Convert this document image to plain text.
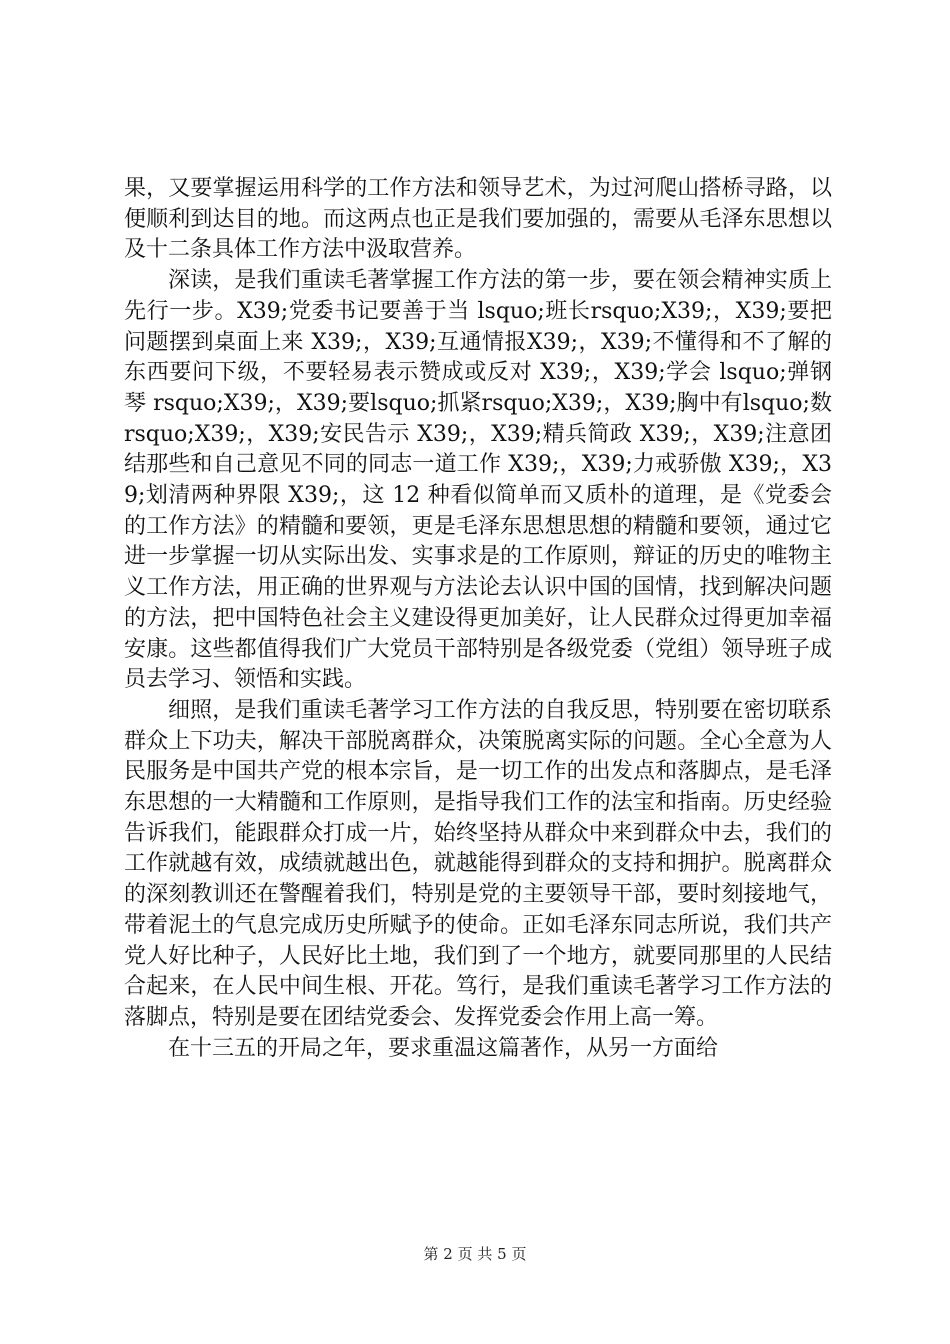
果，又要掌握运用科学的工作方法和领导艺术，为过河爬山搭桥寻路，以便顺利到达目的地。而这两点也正是我们要加强的，需要从毛泽东思想以及十二条具体工作方法中汲取营养。

深读，是我们重读毛著掌握工作方法的第一步，要在领会精神实质上先行一步。X39;党委书记要善于当 lsquo;班长rsquo;X39;，X39;要把问题摆到桌面上来 X39;，X39;互通情报X39;，X39;不懂得和不了解的东西要问下级，不要轻易表示赞成或反对 X39;，X39;学会 lsquo;弹钢琴 rsquo;X39;，X39;要lsquo;抓紧rsquo;X39;，X39;胸中有lsquo;数rsquo;X39;，X39;安民告示 X39;，X39;精兵简政 X39;，X39;注意团结那些和自己意见不同的同志一道工作 X39;，X39;力戒骄傲 X39;，X39;划清两种界限 X39;，这 12 种看似简单而又质朴的道理，是《党委会的工作方法》的精髓和要领，更是毛泽东思想思想的精髓和要领，通过它进一步掌握一切从实际出发、实事求是的工作原则，辩证的历史的唯物主义工作方法，用正确的世界观与方法论去认识中国的国情，找到解决问题的方法，把中国特色社会主义建设得更加美好，让人民群众过得更加幸福安康。这些都值得我们广大党员干部特别是各级党委（党组）领导班子成员去学习、领悟和实践。

细照，是我们重读毛著学习工作方法的自我反思，特别要在密切联系群众上下功夫，解决干部脱离群众，决策脱离实际的问题。全心全意为人民服务是中国共产党的根本宗旨，是一切工作的出发点和落脚点，是毛泽东思想的一大精髓和工作原则，是指导我们工作的法宝和指南。历史经验告诉我们，能跟群众打成一片，始终坚持从群众中来到群众中去，我们的工作就越有效，成绩就越出色，就越能得到群众的支持和拥护。脱离群众的深刻教训还在警醒着我们，特别是党的主要领导干部，要时刻接地气，带着泥土的气息完成历史所赋予的使命。正如毛泽东同志所说，我们共产党人好比种子，人民好比土地，我们到了一个地方，就要同那里的人民结合起来，在人民中间生根、开花。笃行，是我们重读毛著学习工作方法的落脚点，特别是要在团结党委会、发挥党委会作用上高一筹。

在十三五的开局之年，要求重温这篇著作，从另一方面给

第 2 页 共 5 页
